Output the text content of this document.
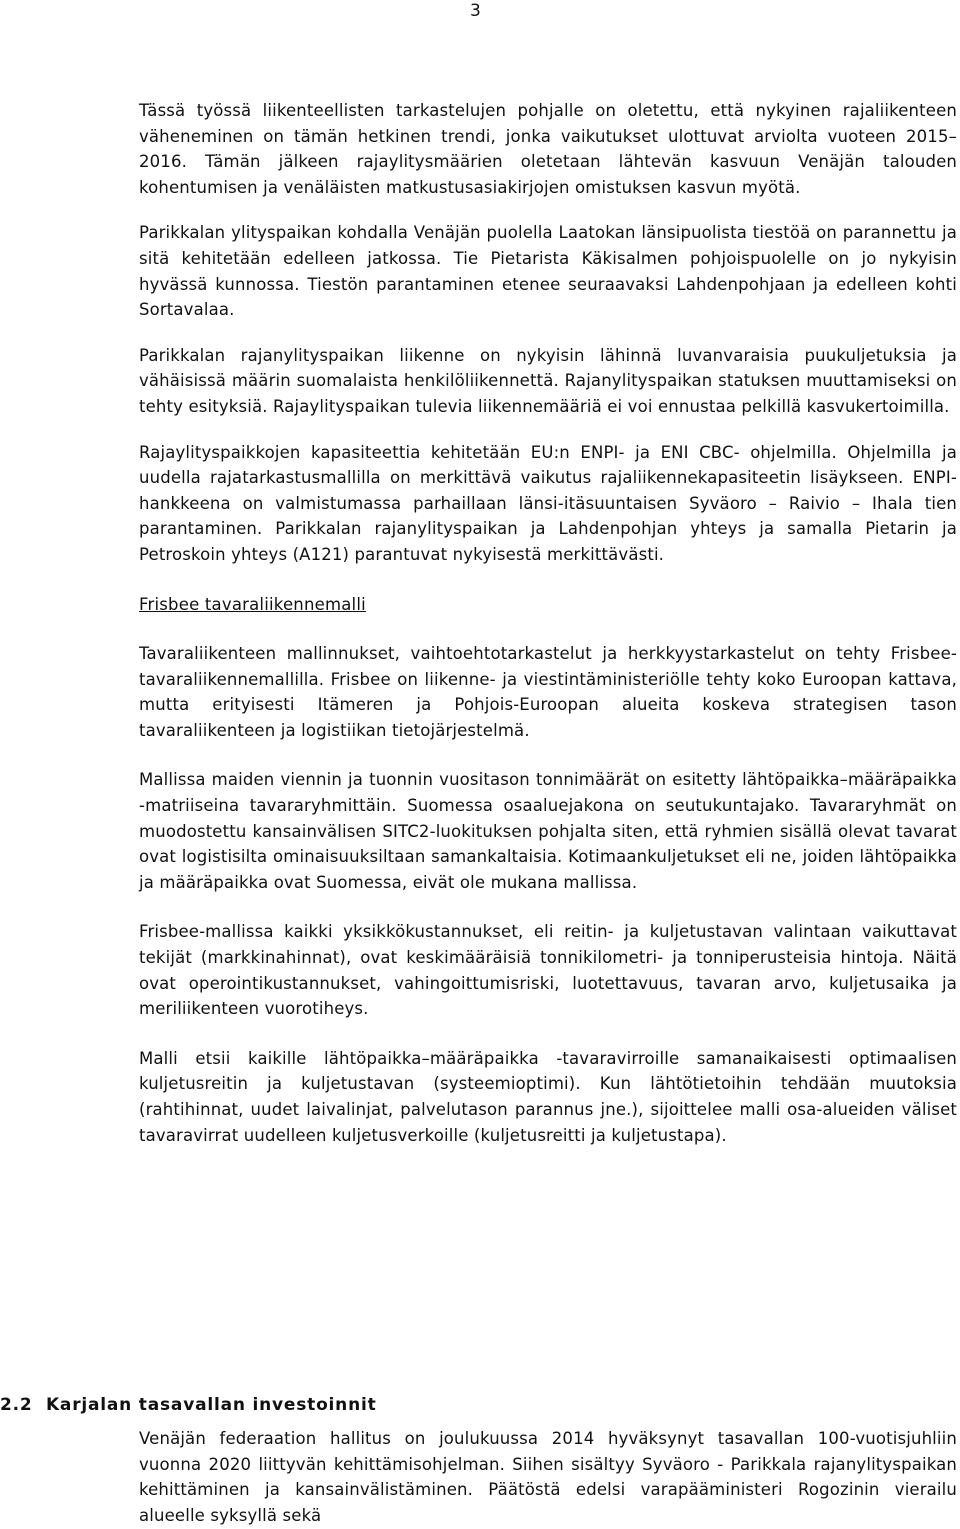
3

Tässä työssä liikenteellisten tarkastelujen pohjalle on oletettu, että nykyinen rajaliikenteen väheneminen on tämän hetkinen trendi, jonka vaikutukset ulottuvat arviolta vuoteen 2015–2016. Tämän jälkeen rajaylitysmäärien oletetaan lähtevän kasvuun Venäjän talouden kohentumisen ja venäläisten matkustusasiakirjojen omistuksen kasvun myötä.

Parikkalan ylityspaikan kohdalla Venäjän puolella Laatokan länsipuolista tiestöä on parannettu ja sitä kehitetään edelleen jatkossa. Tie Pietarista Käkisalmen pohjoispuolelle on jo nykyisin hyvässä kunnossa. Tiestön parantaminen etenee seuraavaksi Lahdenpohjaan ja edelleen kohti Sortavalaa.

Parikkalan rajanylityspaikan liikenne on nykyisin lähinnä luvanvaraisia puukuljetuksia ja vähäisissä määrin suomalaista henkilöliikennettä. Rajanylityspaikan statuksen muuttamiseksi on tehty esityksiä. Rajaylityspaikan tulevia liikennemääriä ei voi ennustaa pelkillä kasvukertoimilla.

Rajaylityspaikkojen kapasiteettia kehitetään EU:n ENPI- ja ENI CBC- ohjelmilla. Ohjelmilla ja uudella rajatarkastusmallilla on merkittävä vaikutus rajaliikennekapasiteetin lisäykseen. ENPI-hankkeena on valmistumassa parhaillaan länsi-itäsuuntaisen Syväoro – Raivio – Ihala tien parantaminen. Parikkalan rajanylityspaikan ja Lahdenpohjan yhteys ja samalla Pietarin ja Petroskoin yhteys (A121) parantuvat nykyisestä merkittävästi.

Frisbee tavaraliikennemalli

Tavaraliikenteen mallinnukset, vaihtoehtotarkastelut ja herkkyystarkastelut on tehty Frisbee-tavaraliikennemallilla. Frisbee on liikenne- ja viestintäministeriölle tehty koko Euroopan kattava, mutta erityisesti Itämeren ja Pohjois-Euroopan alueita koskeva strategisen tason tavaraliikenteen ja logistiikan tietojärjestelmä.

Mallissa maiden viennin ja tuonnin vuositason tonnimäärät on esitetty lähtöpaikka–määräpaikka -matriiseina tavararyhmittäin. Suomessa osaaluejakona on seutukuntajako. Tavararyhmät on muodostettu kansainvälisen SITC2-luokituksen pohjalta siten, että ryhmien sisällä olevat tavarat ovat logistisilta ominaisuuksiltaan samankaltaisia. Kotimaankuljetukset eli ne, joiden lähtöpaikka ja määräpaikka ovat Suomessa, eivät ole mukana mallissa.

Frisbee-mallissa kaikki yksikkökustannukset, eli reitin- ja kuljetustavan valintaan vaikuttavat tekijät (markkinahinnat), ovat keskimääräisiä tonnikilometri- ja tonniperusteisia hintoja. Näitä ovat operointikustannukset, vahingoittumisriski, luotettavuus, tavaran arvo, kuljetusaika ja meriliikenteen vuorotiheys.

Malli etsii kaikille lähtöpaikka–määräpaikka -tavaravirroille samanaikaisesti optimaalisen kuljetusreitin ja kuljetustavan (systeemioptimi). Kun lähtötietoihin tehdään muutoksia (rahtihinnat, uudet laivalinjat, palvelutason parannus jne.), sijoittelee malli osa-alueiden väliset tavaravirrat uudelleen kuljetusverkoille (kuljetusreitti ja kuljetustapa).

2.2  Karjalan tasavallan investoinnit

Venäjän federaation hallitus on joulukuussa 2014 hyväksynyt tasavallan 100-vuotisjuhliin vuonna 2020 liittyvän kehittämisohjelman. Siihen sisältyy Syväoro - Parikkala rajanylityspaikan kehittäminen ja kansainvälistäminen. Päätöstä edelsi varapääministeri Rogozinin vierailu alueelle syksyllä sekä
